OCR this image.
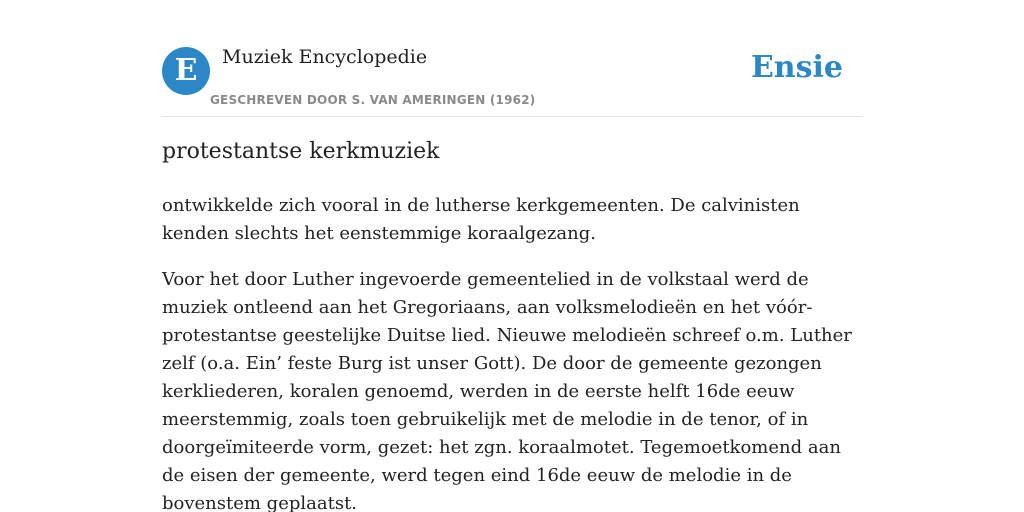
E	Muziek Encyclopedie
GESCHREVEN DOOR S. VAN AMERINGEN (1962)
Ensie
protestantse kerkmuziek

ontwikkelde zich vooral in de lutherse kerkgemeenten. De calvinisten kenden slechts het eenstemmige koraalgezang.

Voor het door Luther ingevoerde gemeentelied in de volkstaal werd de muziek ontleend aan het Gregoriaans, aan volksmelodieën en het vóór-protestantse geestelijke Duitse lied. Nieuwe melodieën schreef o.m. Luther zelf (o.a. Ein’ feste Burg ist unser Gott). De door de gemeente gezongen kerkliederen, koralen genoemd, werden in de eerste helft 16de eeuw meerstemmig, zoals toen gebruikelijk met de melodie in de tenor, of in doorgeïmiteerde vorm, gezet: het zgn. koraalmotet. Tegemoetkomend aan de eisen der gemeente, werd tegen eind 16de eeuw de melodie in de bovenstem geplaatst.
